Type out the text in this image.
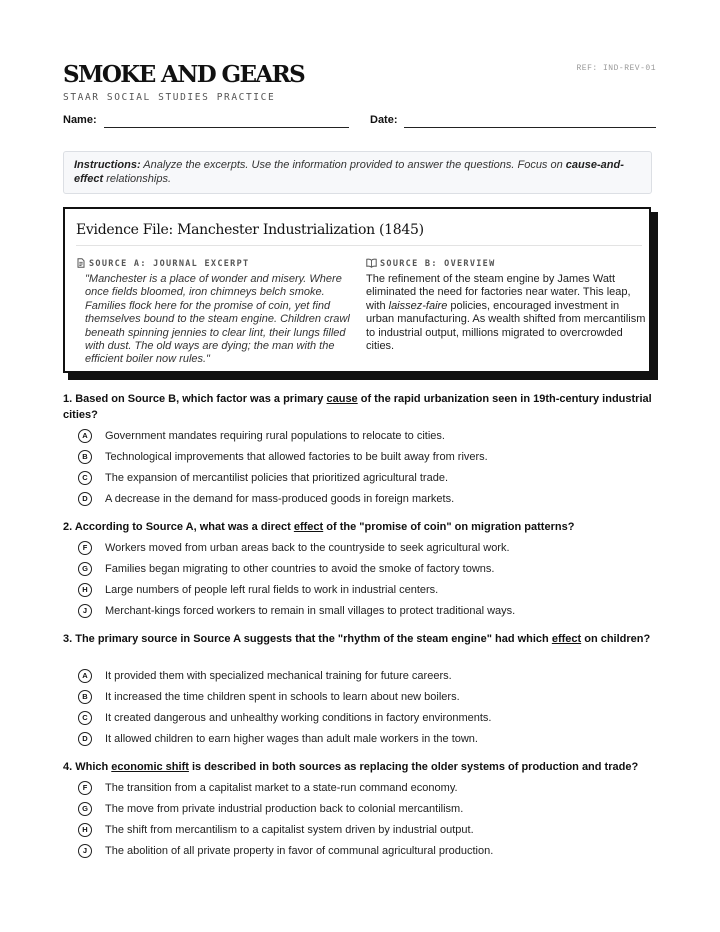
REF: IND-REV-01
SMOKE AND GEARS
STAAR SOCIAL STUDIES PRACTICE
Name:	Date:
Instructions: Analyze the excerpts. Use the information provided to answer the questions. Focus on cause-and-effect relationships.
Evidence File: Manchester Industrialization (1845)
SOURCE A: JOURNAL EXCERPT
"Manchester is a place of wonder and misery. Where once fields bloomed, iron chimneys belch smoke. Families flock here for the promise of coin, yet find themselves bound to the steam engine. Children crawl beneath spinning jennies to clear lint, their lungs filled with dust. The old ways are dying; the man with the efficient boiler now rules."
SOURCE B: OVERVIEW
The refinement of the steam engine by James Watt eliminated the need for factories near water. This leap, with laissez-faire policies, encouraged investment in urban manufacturing. As wealth shifted from mercantilism to industrial output, millions migrated to overcrowded cities.
1. Based on Source B, which factor was a primary cause of the rapid urbanization seen in 19th-century industrial cities?
A	Government mandates requiring rural populations to relocate to cities.
B	Technological improvements that allowed factories to be built away from rivers.
C	The expansion of mercantilist policies that prioritized agricultural trade.
D	A decrease in the demand for mass-produced goods in foreign markets.
2. According to Source A, what was a direct effect of the "promise of coin" on migration patterns?
F	Workers moved from urban areas back to the countryside to seek agricultural work.
G	Families began migrating to other countries to avoid the smoke of factory towns.
H	Large numbers of people left rural fields to work in industrial centers.
J	Merchant-kings forced workers to remain in small villages to protect traditional ways.
3. The primary source in Source A suggests that the "rhythm of the steam engine" had which effect on children?
A	It provided them with specialized mechanical training for future careers.
B	It increased the time children spent in schools to learn about new boilers.
C	It created dangerous and unhealthy working conditions in factory environments.
D	It allowed children to earn higher wages than adult male workers in the town.
4. Which economic shift is described in both sources as replacing the older systems of production and trade?
F	The transition from a capitalist market to a state-run command economy.
G	The move from private industrial production back to colonial mercantilism.
H	The shift from mercantilism to a capitalist system driven by industrial output.
J	The abolition of all private property in favor of communal agricultural production.
